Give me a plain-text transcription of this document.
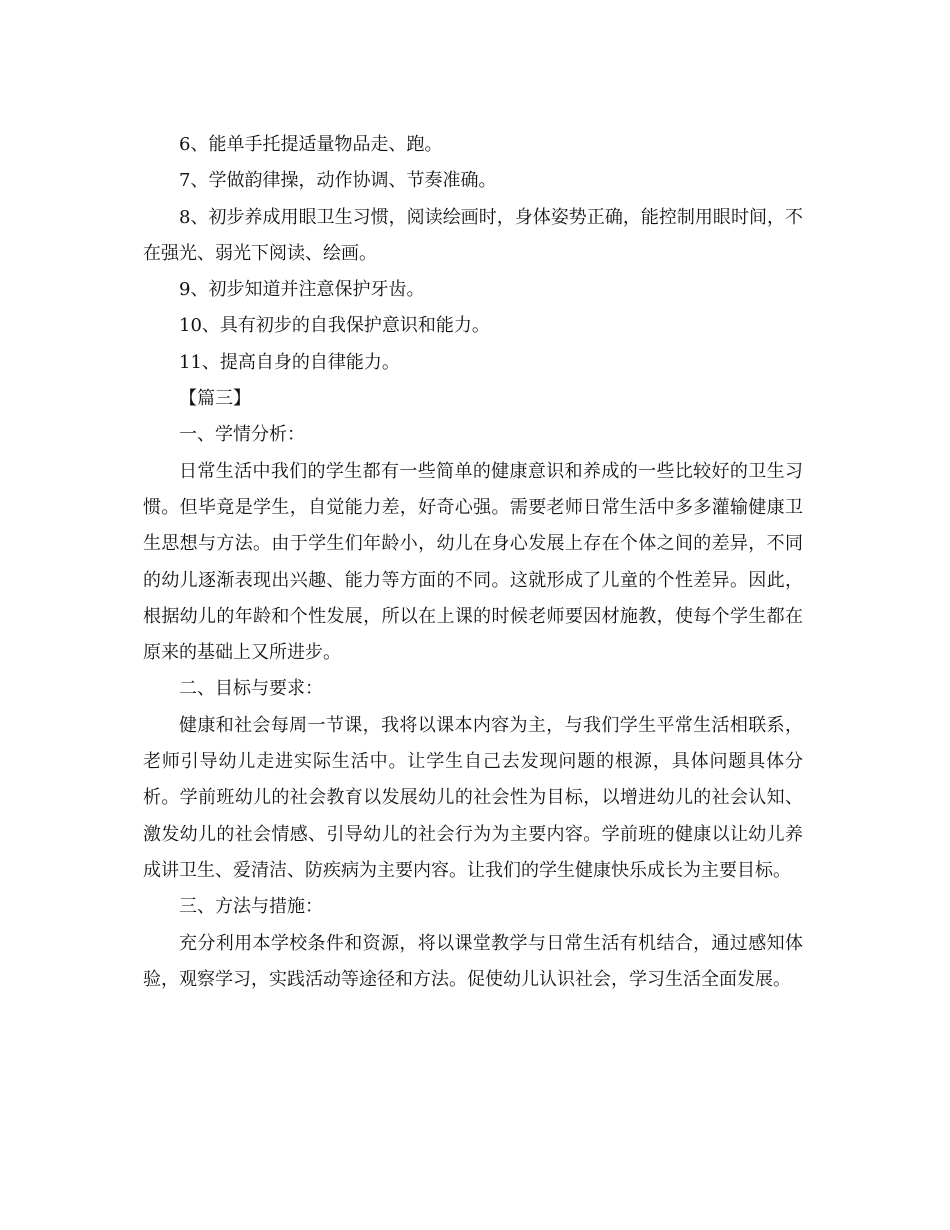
6、能单手托提适量物品走、跑。

7、学做韵律操，动作协调、节奏准确。

8、初步养成用眼卫生习惯，阅读绘画时，身体姿势正确，能控制用眼时间，不在强光、弱光下阅读、绘画。

9、初步知道并注意保护牙齿。

10、具有初步的自我保护意识和能力。

11、提高自身的自律能力。

【篇三】

一、学情分析：

日常生活中我们的学生都有一些简单的健康意识和养成的一些比较好的卫生习惯。但毕竟是学生，自觉能力差，好奇心强。需要老师日常生活中多多灌输健康卫生思想与方法。由于学生们年龄小，幼儿在身心发展上存在个体之间的差异，不同的幼儿逐渐表现出兴趣、能力等方面的不同。这就形成了儿童的个性差异。因此，根据幼儿的年龄和个性发展，所以在上课的时候老师要因材施教，使每个学生都在原来的基础上又所进步。

二、目标与要求：

健康和社会每周一节课，我将以课本内容为主，与我们学生平常生活相联系，老师引导幼儿走进实际生活中。让学生自己去发现问题的根源，具体问题具体分析。学前班幼儿的社会教育以发展幼儿的社会性为目标，以增进幼儿的社会认知、激发幼儿的社会情感、引导幼儿的社会行为为主要内容。学前班的健康以让幼儿养成讲卫生、爱清洁、防疾病为主要内容。让我们的学生健康快乐成长为主要目标。

三、方法与措施：

充分利用本学校条件和资源，将以课堂教学与日常生活有机结合，通过感知体验，观察学习，实践活动等途径和方法。促使幼儿认识社会，学习生活全面发展。
